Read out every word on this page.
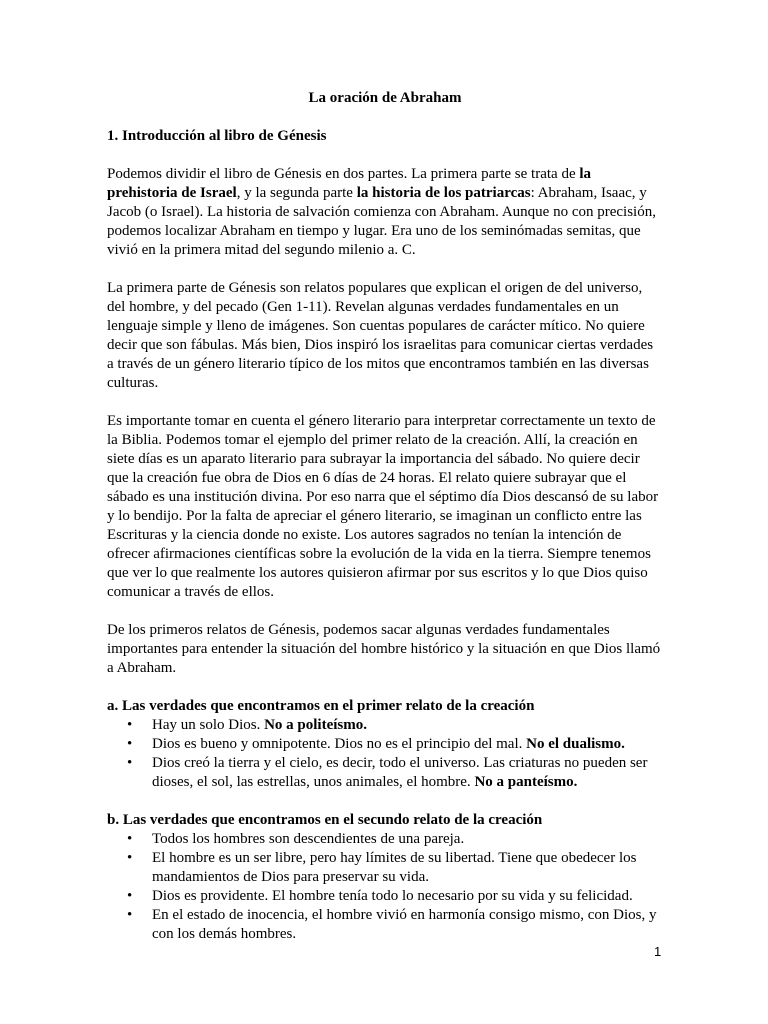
La oración de Abraham
1. Introducción al libro de Génesis

Podemos dividir el libro de Génesis en dos partes. La primera parte se trata de la prehistoria de Israel, y la segunda parte la historia de los patriarcas: Abraham, Isaac, y Jacob (o Israel). La historia de salvación comienza con Abraham. Aunque no con precisión, podemos localizar Abraham en tiempo y lugar. Era uno de los seminómadas semitas, que vivió en la primera mitad del segundo milenio a. C.

La primera parte de Génesis son relatos populares que explican el origen de del universo, del hombre, y del pecado (Gen 1-11). Revelan algunas verdades fundamentales en un lenguaje simple y lleno de imágenes. Son cuentas populares de carácter mítico. No quiere decir que son fábulas. Más bien, Dios inspiró los israelitas para comunicar ciertas verdades a través de un género literario típico de los mitos que encontramos también en las diversas culturas.

Es importante tomar en cuenta el género literario para interpretar correctamente un texto de la Biblia. Podemos tomar el ejemplo del primer relato de la creación. Allí, la creación en siete días es un aparato literario para subrayar la importancia del sábado. No quiere decir que la creación fue obra de Dios en 6 días de 24 horas. El relato quiere subrayar que el sábado es una institución divina. Por eso narra que el séptimo día Dios descansó de su labor y lo bendijo. Por la falta de apreciar el género literario, se imaginan un conflicto entre las Escrituras y la ciencia donde no existe. Los autores sagrados no tenían la intención de ofrecer afirmaciones científicas sobre la evolución de la vida en la tierra. Siempre tenemos que ver lo que realmente los autores quisieron afirmar por sus escritos y lo que Dios quiso comunicar a través de ellos.

De los primeros relatos de Génesis, podemos sacar algunas verdades fundamentales importantes para entender la situación del hombre histórico y la situación en que Dios llamó a Abraham.

a. Las verdades que encontramos en el primer relato de la creación
• Hay un solo Dios. No a politeísmo.
• Dios es bueno y omnipotente. Dios no es el principio del mal. No el dualismo.
• Dios creó la tierra y el cielo, es decir, todo el universo. Las criaturas no pueden ser dioses, el sol, las estrellas, unos animales, el hombre. No a panteísmo.
b. Las verdades que encontramos en el secundo relato de la creación
• Todos los hombres son descendientes de una pareja.
• El hombre es un ser libre, pero hay límites de su libertad. Tiene que obedecer los mandamientos de Dios para preservar su vida.
• Dios es providente. El hombre tenía todo lo necesario por su vida y su felicidad.
• En el estado de inocencia, el hombre vivió en harmonía consigo mismo, con Dios, y con los demás hombres.
1
